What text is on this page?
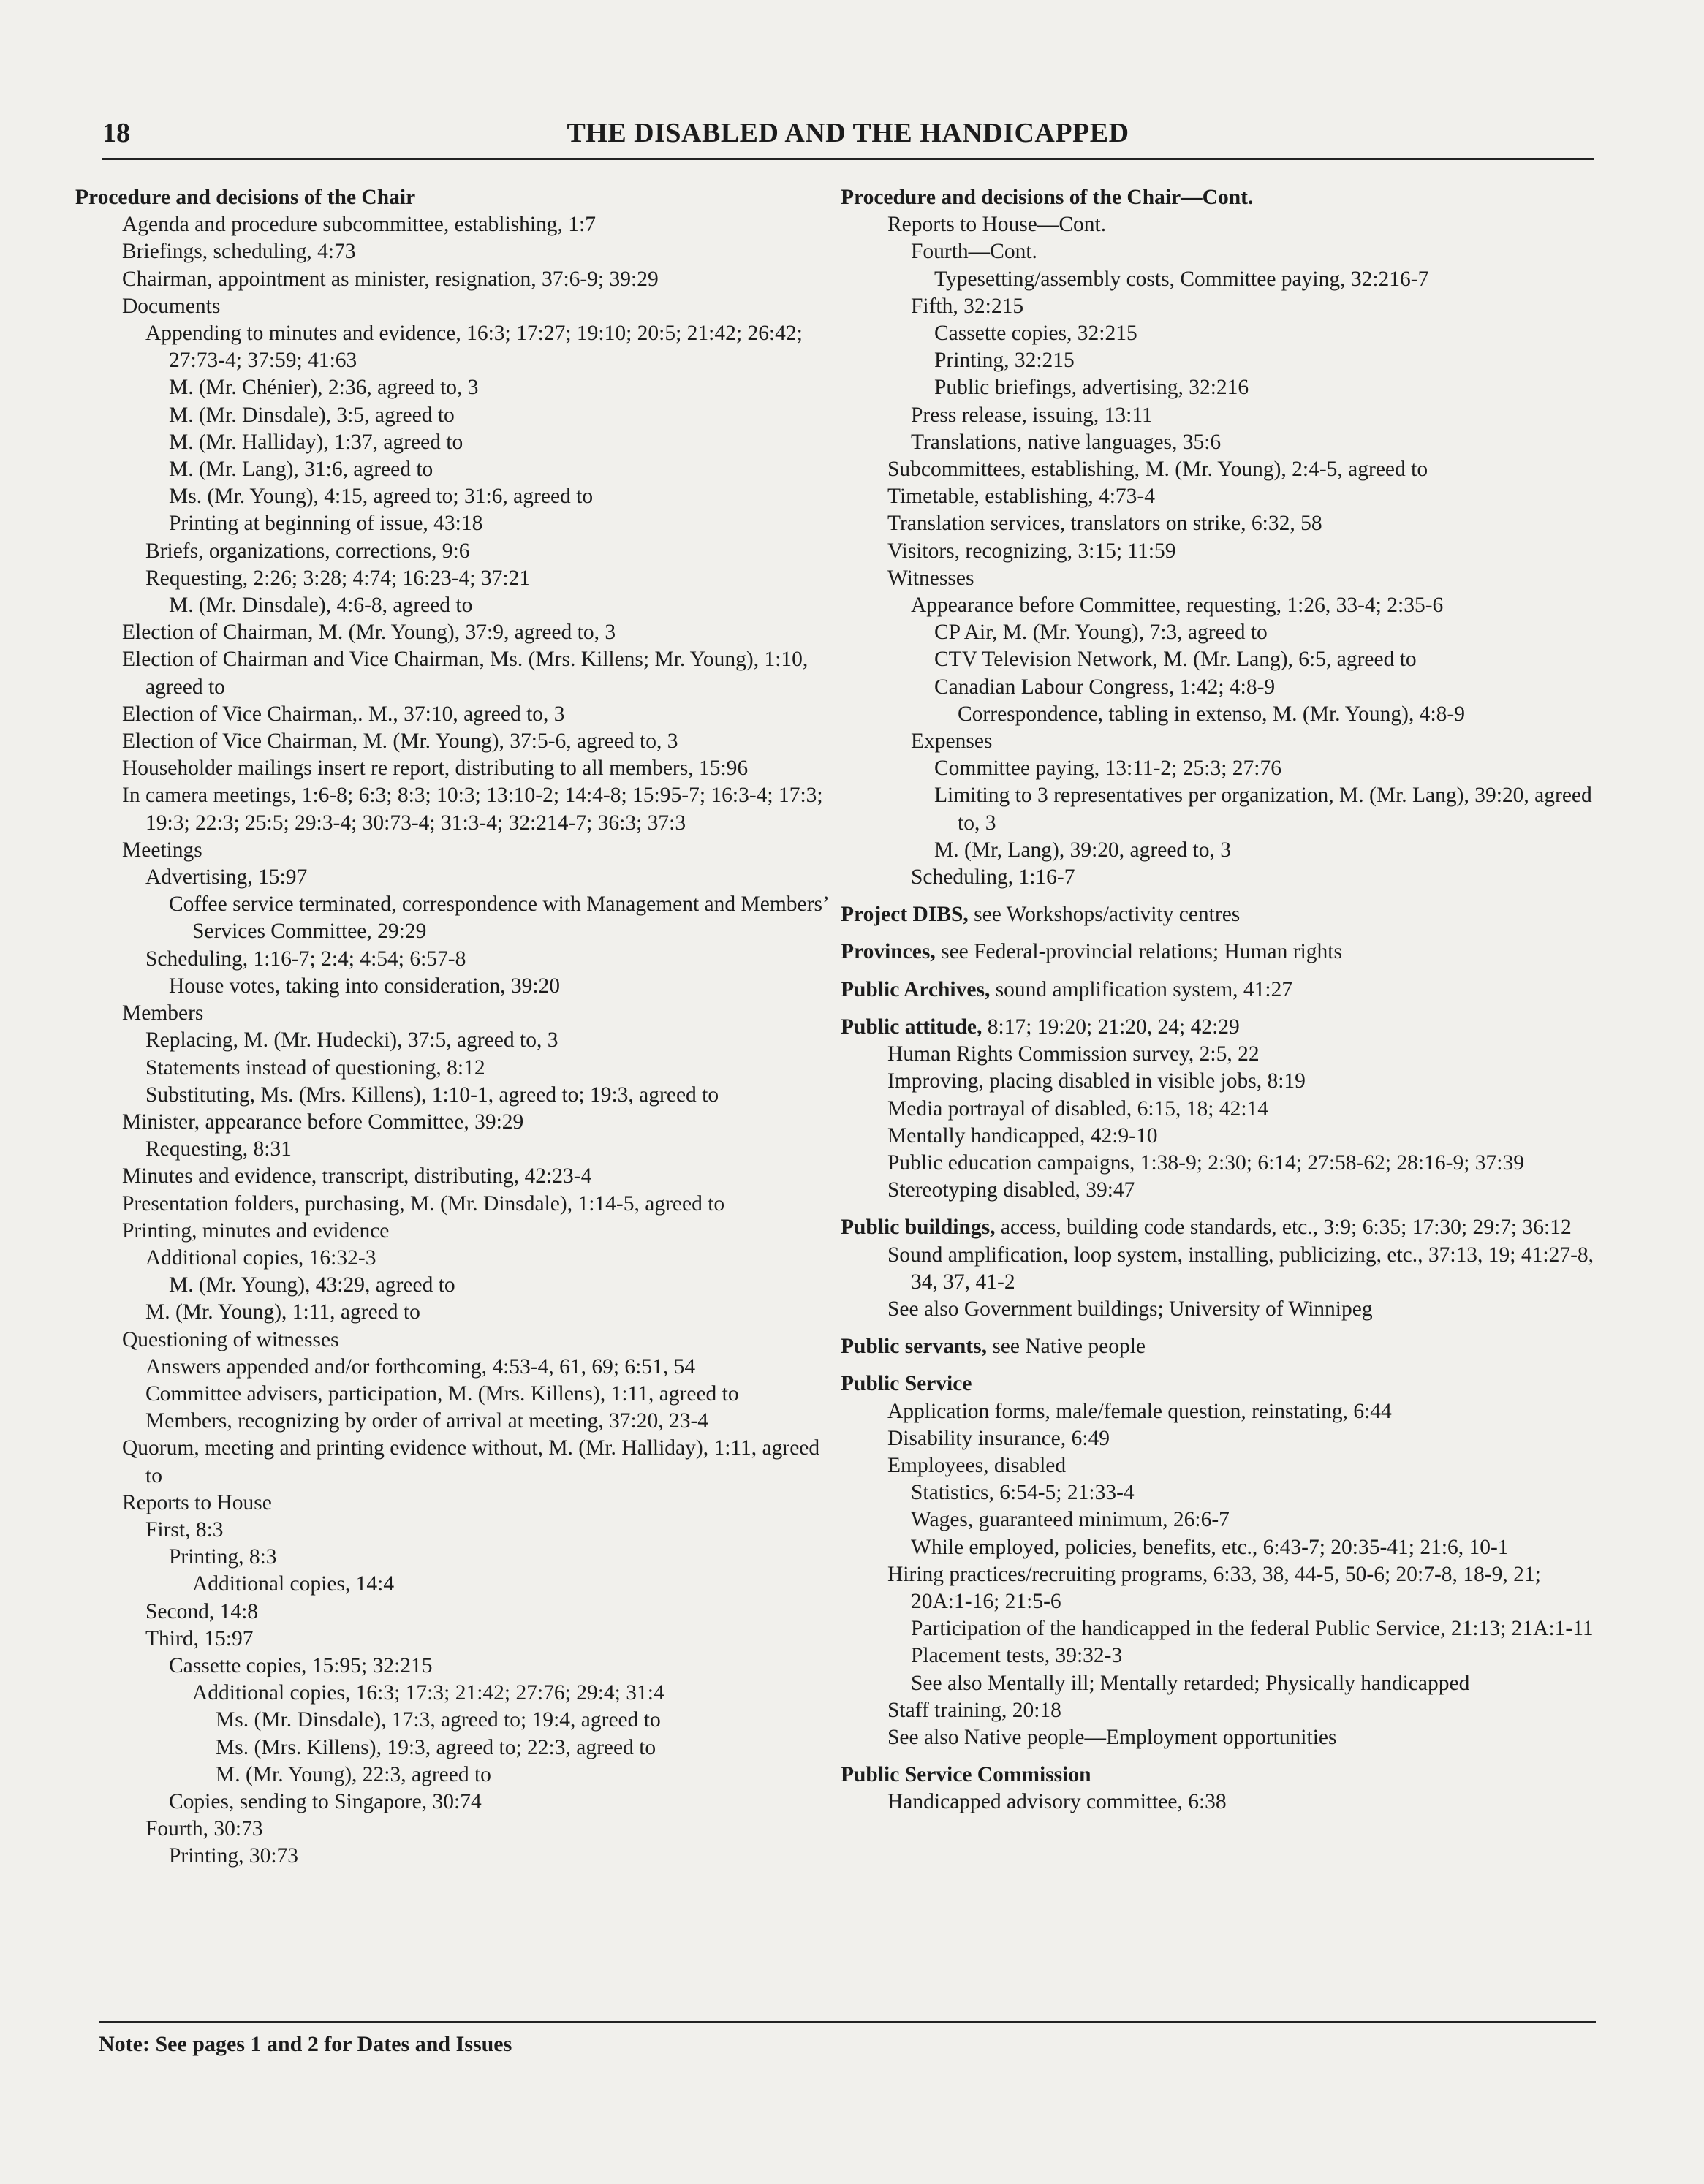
18	THE DISABLED AND THE HANDICAPPED
Procedure and decisions of the Chair
Agenda and procedure subcommittee, establishing, 1:7
Briefings, scheduling, 4:73
Chairman, appointment as minister, resignation, 37:6-9; 39:29
Documents
Appending to minutes and evidence, 16:3; 17:27; 19:10; 20:5; 21:42; 26:42; 27:73-4; 37:59; 41:63
M. (Mr. Chénier), 2:36, agreed to, 3
M. (Mr. Dinsdale), 3:5, agreed to
M. (Mr. Halliday), 1:37, agreed to
M. (Mr. Lang), 31:6, agreed to
Ms. (Mr. Young), 4:15, agreed to; 31:6, agreed to
Printing at beginning of issue, 43:18
Briefs, organizations, corrections, 9:6
Requesting, 2:26; 3:28; 4:74; 16:23-4; 37:21
M. (Mr. Dinsdale), 4:6-8, agreed to
Election of Chairman, M. (Mr. Young), 37:9, agreed to, 3
Election of Chairman and Vice Chairman, Ms. (Mrs. Killens; Mr. Young), 1:10, agreed to
Election of Vice Chairman,. M., 37:10, agreed to, 3
Election of Vice Chairman, M. (Mr. Young), 37:5-6, agreed to, 3
Householder mailings insert re report, distributing to all members, 15:96
In camera meetings, 1:6-8; 6:3; 8:3; 10:3; 13:10-2; 14:4-8; 15:95-7; 16:3-4; 17:3; 19:3; 22:3; 25:5; 29:3-4; 30:73-4; 31:3-4; 32:214-7; 36:3; 37:3
Meetings
Advertising, 15:97
Coffee service terminated, correspondence with Management and Members’ Services Committee, 29:29
Scheduling, 1:16-7; 2:4; 4:54; 6:57-8
House votes, taking into consideration, 39:20
Members
Replacing, M. (Mr. Hudecki), 37:5, agreed to, 3
Statements instead of questioning, 8:12
Substituting, Ms. (Mrs. Killens), 1:10-1, agreed to; 19:3, agreed to
Minister, appearance before Committee, 39:29
Requesting, 8:31
Minutes and evidence, transcript, distributing, 42:23-4
Presentation folders, purchasing, M. (Mr. Dinsdale), 1:14-5, agreed to
Printing, minutes and evidence
Additional copies, 16:32-3
M. (Mr. Young), 43:29, agreed to
M. (Mr. Young), 1:11, agreed to
Questioning of witnesses
Answers appended and/or forthcoming, 4:53-4, 61, 69; 6:51, 54
Committee advisers, participation, M. (Mrs. Killens), 1:11, agreed to
Members, recognizing by order of arrival at meeting, 37:20, 23-4
Quorum, meeting and printing evidence without, M. (Mr. Halliday), 1:11, agreed to
Reports to House
First, 8:3
Printing, 8:3
Additional copies, 14:4
Second, 14:8
Third, 15:97
Cassette copies, 15:95; 32:215
Additional copies, 16:3; 17:3; 21:42; 27:76; 29:4; 31:4
Ms. (Mr. Dinsdale), 17:3, agreed to; 19:4, agreed to
Ms. (Mrs. Killens), 19:3, agreed to; 22:3, agreed to
M. (Mr. Young), 22:3, agreed to
Copies, sending to Singapore, 30:74
Fourth, 30:73
Printing, 30:73
Procedure and decisions of the Chair—Cont.
Reports to House—Cont.
Fourth—Cont.
Typesetting/assembly costs, Committee paying, 32:216-7
Fifth, 32:215
Cassette copies, 32:215
Printing, 32:215
Public briefings, advertising, 32:216
Press release, issuing, 13:11
Translations, native languages, 35:6
Subcommittees, establishing, M. (Mr. Young), 2:4-5, agreed to
Timetable, establishing, 4:73-4
Translation services, translators on strike, 6:32, 58
Visitors, recognizing, 3:15; 11:59
Witnesses
Appearance before Committee, requesting, 1:26, 33-4; 2:35-6
CP Air, M. (Mr. Young), 7:3, agreed to
CTV Television Network, M. (Mr. Lang), 6:5, agreed to
Canadian Labour Congress, 1:42; 4:8-9
Correspondence, tabling in extenso, M. (Mr. Young), 4:8-9
Expenses
Committee paying, 13:11-2; 25:3; 27:76
Limiting to 3 representatives per organization, M. (Mr. Lang), 39:20, agreed to, 3
M. (Mr, Lang), 39:20, agreed to, 3
Scheduling, 1:16-7
Project DIBS, see Workshops/activity centres
Provinces, see Federal-provincial relations; Human rights
Public Archives, sound amplification system, 41:27
Public attitude, 8:17; 19:20; 21:20, 24; 42:29
Human Rights Commission survey, 2:5, 22
Improving, placing disabled in visible jobs, 8:19
Media portrayal of disabled, 6:15, 18; 42:14
Mentally handicapped, 42:9-10
Public education campaigns, 1:38-9; 2:30; 6:14; 27:58-62; 28:16-9; 37:39
Stereotyping disabled, 39:47
Public buildings, access, building code standards, etc., 3:9; 6:35; 17:30; 29:7; 36:12
Sound amplification, loop system, installing, publicizing, etc., 37:13, 19; 41:27-8, 34, 37, 41-2
See also Government buildings; University of Winnipeg
Public servants, see Native people
Public Service
Application forms, male/female question, reinstating, 6:44
Disability insurance, 6:49
Employees, disabled
Statistics, 6:54-5; 21:33-4
Wages, guaranteed minimum, 26:6-7
While employed, policies, benefits, etc., 6:43-7; 20:35-41; 21:6, 10-1
Hiring practices/recruiting programs, 6:33, 38, 44-5, 50-6; 20:7-8, 18-9, 21; 20A:1-16; 21:5-6
Participation of the handicapped in the federal Public Service, 21:13; 21A:1-11
Placement tests, 39:32-3
See also Mentally ill; Mentally retarded; Physically handicapped
Staff training, 20:18
See also Native people—Employment opportunities
Public Service Commission
Handicapped advisory committee, 6:38
Note: See pages 1 and 2 for Dates and Issues
